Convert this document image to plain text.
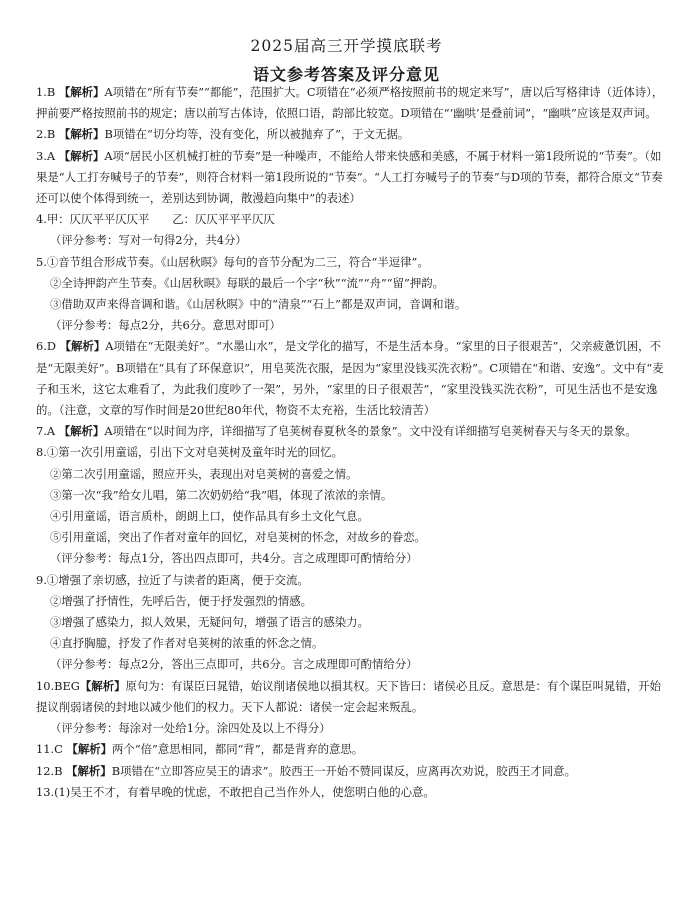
2025届高三开学摸底联考
语文参考答案及评分意见

1.B 【解析】A项错在“所有节奏”“都能”，范围扩大。C项错在“必须严格按照前书的规定来写”，唐以后写格律诗（近体诗），押前要严格按照前书的规定；唐以前写古体诗，依照口语，韵部比较宽。D项错在“‘幽哄’是叠前词”，“幽哄”应该是双声词。

2.B 【解析】B项错在“切分均等，没有变化，所以被抛弃了”，于文无据。

3.A 【解析】A项“居民小区机械打桩的节奏”是一种噪声，不能给人带来快感和美感，不属于材料一第1段所说的“节奏”。（如果是“人工打夯喊号子的节奏”，则符合材料一第1段所说的“节奏”。“人工打夯喊号子的节奏”与D项的节奏，都符合原文“节奏还可以使个体得到统一，差别达到协调，散漫趋向集中”的表述）

4.甲：仄仄平平仄仄平   乙：仄仄平平平仄仄

（评分参考：写对一句得2分，共4分）

5.①音节组合形成节奏。《山居秋暝》每句的音节分配为二三，符合“半逗律”。

②全诗押韵产生节奏。《山居秋暝》每联的最后一个字“秋”“流”“舟”“留”押韵。

③借助双声来得音调和谐。《山居秋暝》中的“清泉”“石上”都是双声词，音调和谐。

（评分参考：每点2分，共6分。意思对即可）

6.D 【解析】A项错在“无限美好”。“水墨山水”，是文学化的描写，不是生活本身。“家里的日子很艰苦”，父亲疲惫饥困，不是“无限美好”。B项错在“具有了环保意识”，用皂荚洗衣服，是因为“家里没钱买洗衣粉”。C项错在“和谐、安逸”。文中有“麦子和玉米，这它太难看了，为此我们度吵了一架”，另外，“家里的日子很艰苦”，“家里没钱买洗衣粉”，可见生活也不是安逸的。（注意，文章的写作时间是20世纪80年代，物资不太充裕，生活比较清苦）

7.A 【解析】A项错在“以时间为序，详细描写了皂荚树春夏秋冬的景象”。文中没有详细描写皂荚树春天与冬天的景象。

8.①第一次引用童谣，引出下文对皂荚树及童年时光的回忆。

②第二次引用童谣，照应开头，表现出对皂荚树的喜爱之情。

③第一次“我”给女儿唱，第二次奶奶给“我”唱，体现了浓浓的亲情。

④引用童谣，语言质朴，朗朗上口，使作品具有乡土文化气息。

⑤引用童谣，突出了作者对童年的回忆，对皂荚树的怀念，对故乡的眷恋。

（评分参考：每点1分，答出四点即可，共4分。言之成理即可酌情给分）

9.①增强了亲切感，拉近了与读者的距离，便于交流。

②增强了抒情性，先呼后告，便于抒发强烈的情感。

③增强了感染力，拟人效果，无疑问句，增强了语言的感染力。

④直抒胸臆，抒发了作者对皂荚树的浓重的怀念之情。

（评分参考：每点2分，答出三点即可，共6分。言之成理即可酌情给分）

10.BEG【解析】原句为：有谋臣曰晁错，始议削诸侯地以損其权。天下皆曰：诸侯必且反。意思是：有个谋臣叫晁错，开始提议削弱诸侯的封地以减少他们的权力。天下人都说：诸侯一定会起来叛乱。

（评分参考：每涂对一处给1分。涂四处及以上不得分）

11.C 【解析】两个“倍”意思相同，都同“背”，都是背弃的意思。

12.B 【解析】B项错在“立即答应吴王的请求”。胶西王一开始不赞同谋反，应离再次劝说，胶西王才同意。

13.(1)吴王不才，有着早晚的忧虑，不敢把自己当作外人，使您明白他的心意。
